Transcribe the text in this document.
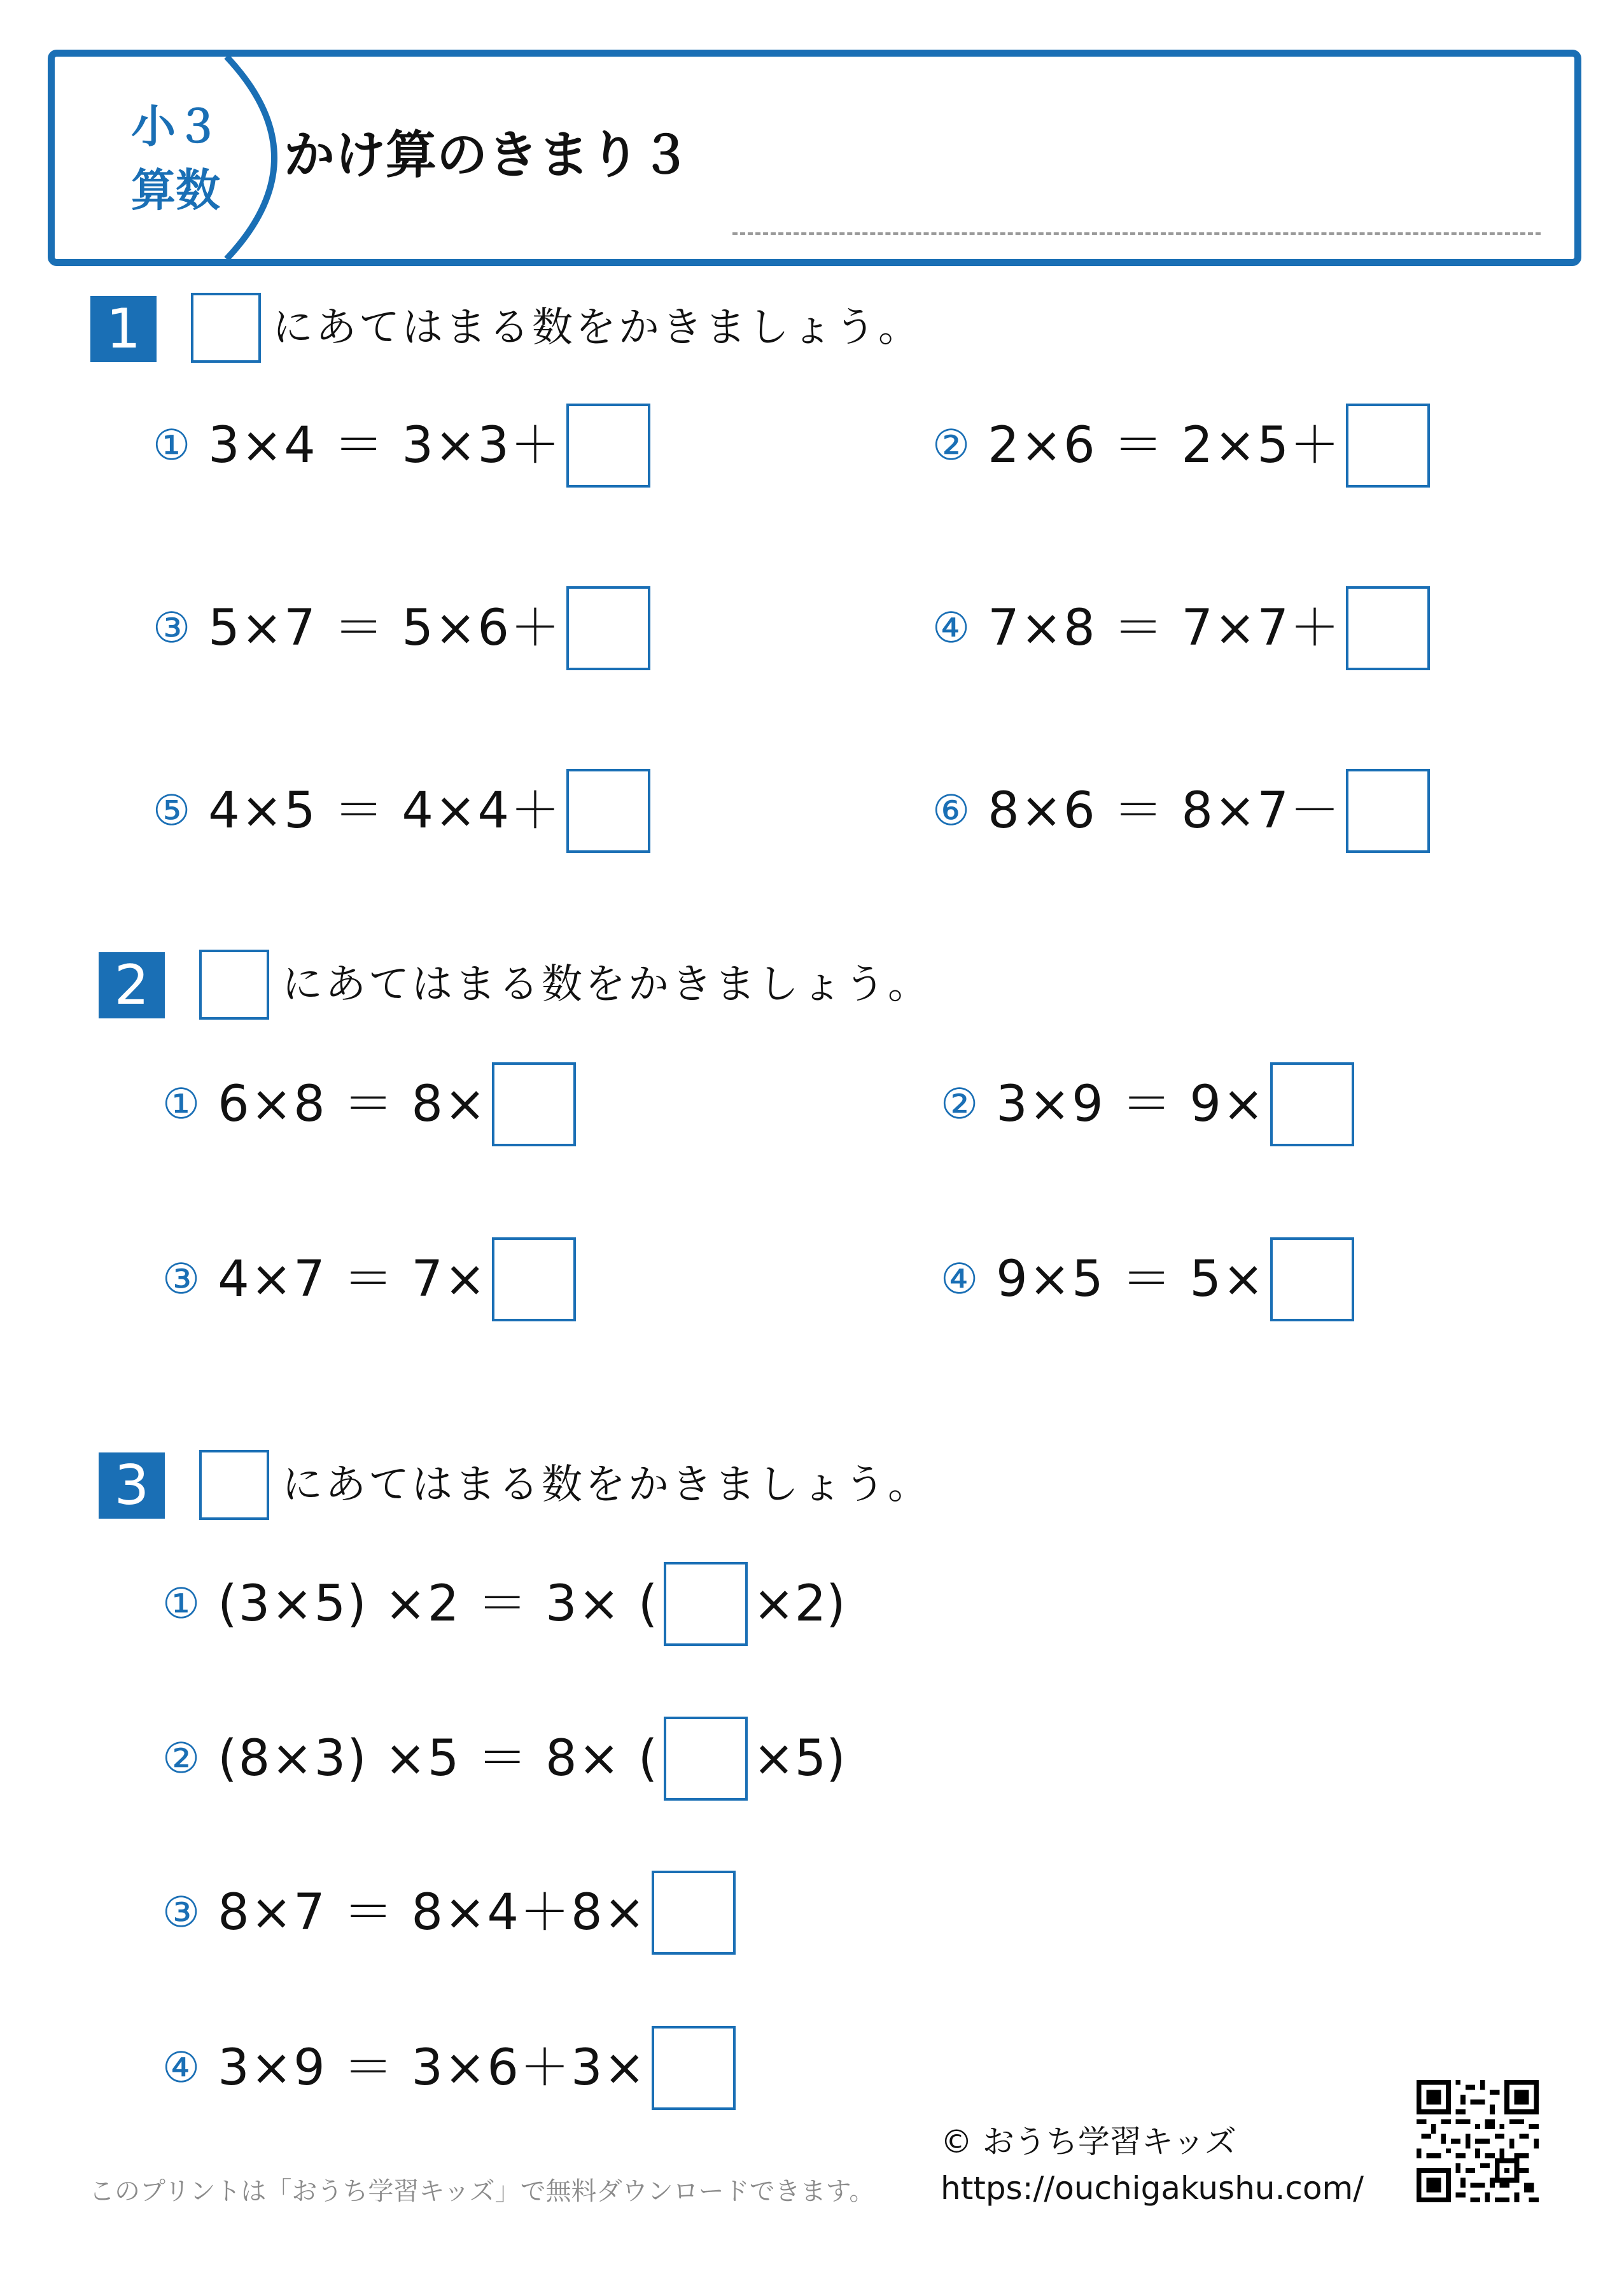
小３
算数
かけ算のきまり３
1	にあてはまる数をかきましょう。
① 3×4 ＝ 3×3＋	② 2×6 ＝ 2×5＋
③ 5×7 ＝ 5×6＋	④ 7×8 ＝ 7×7＋
⑤ 4×5 ＝ 4×4＋	⑥ 8×6 ＝ 8×7－
2	にあてはまる数をかきましょう。
① 6×8 ＝ 8×	② 3×9 ＝ 9×
③ 4×7 ＝ 7×	④ 9×5 ＝ 5×
3	にあてはまる数をかきましょう。
① (3×5) ×2 ＝ 3× ( ×2)
② (8×3) ×5 ＝ 8× ( ×5)
③ 8×7 ＝ 8×4＋8×
④ 3×9 ＝ 3×6＋3×
このプリントは「おうち学習キッズ」で無料ダウンロードできます。
© おうち学習キッズ
https://ouchigakushu.com/
